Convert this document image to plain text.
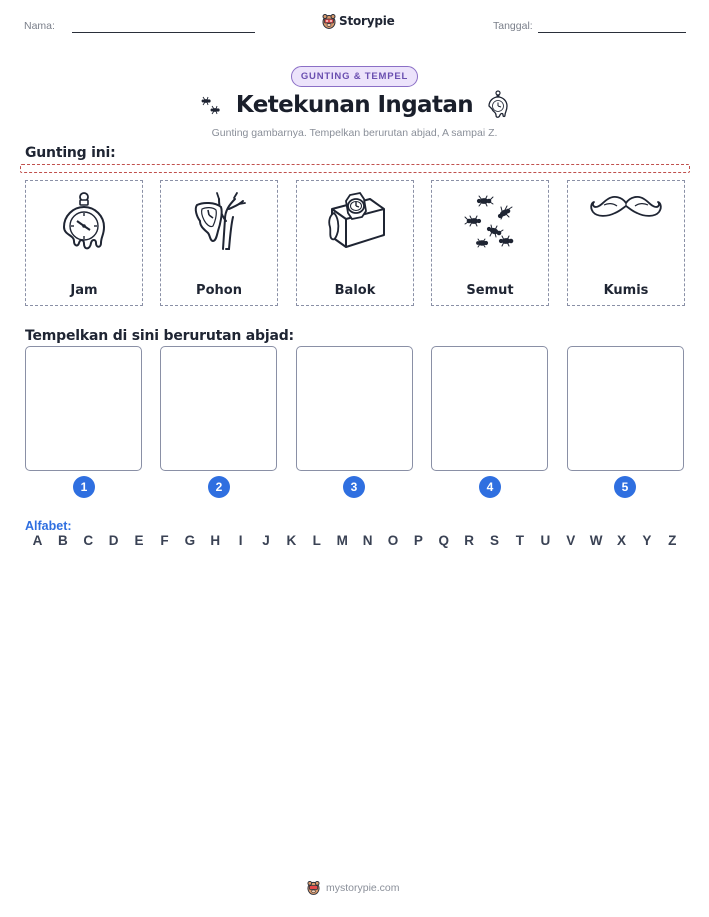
Nama:	Storypie	Tanggal:
GUNTING & TEMPEL
Ketekunan Ingatan
Gunting gambarnya. Tempelkan berurutan abjad, A sampai Z.
Gunting ini:
Jam	Pohon	Balok	Semut	Kumis
Tempelkan di sini berurutan abjad:
1	2	3	4	5
Alfabet:
A	B	C	D	E	F	G	H	I	J	K	L	M	N	O	P	Q	R	S	T	U	V	W	X	Y	Z
mystorypie.com
